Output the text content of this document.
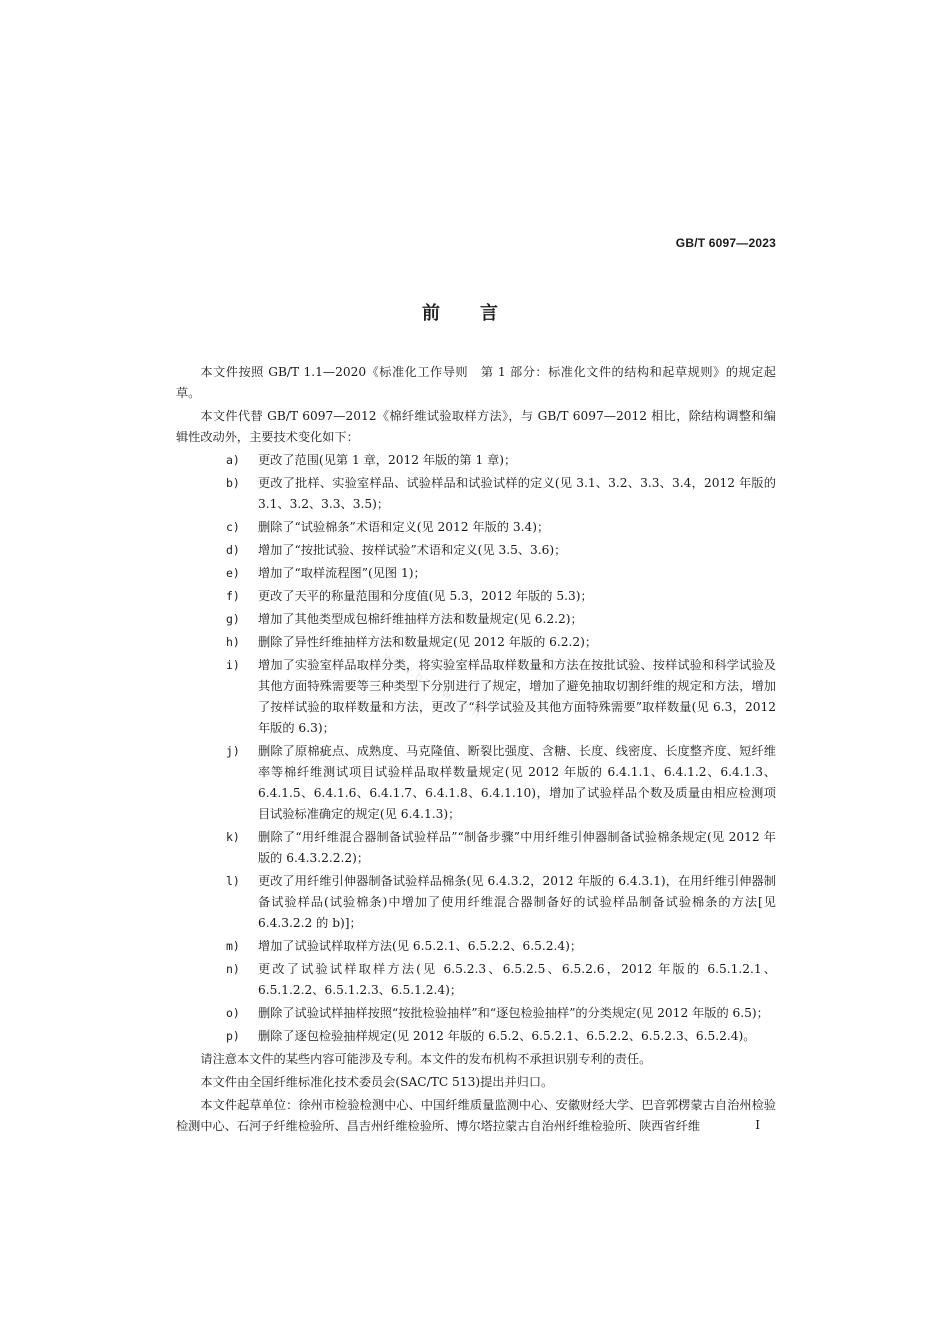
GB/T 6097—2023
前言
www.bzfxw.com

本文件按照 GB/T 1.1—2020《标准化工作导则　第 1 部分：标准化文件的结构和起草规则》的规定起草。

本文件代替 GB/T 6097—2012《棉纤维试验取样方法》，与 GB/T 6097—2012 相比，除结构调整和编辑性改动外，主要技术变化如下：

a)	更改了范围(见第 1 章，2012 年版的第 1 章)；
b)	更改了批样、实验室样品、试验样品和试验试样的定义(见 3.1、3.2、3.3、3.4，2012 年版的 3.1、3.2、3.3、3.5)；
c)	删除了“试验棉条”术语和定义(见 2012 年版的 3.4)；
d)	增加了“按批试验、按样试验”术语和定义(见 3.5、3.6)；
e)	增加了“取样流程图”(见图 1)；
f)	更改了天平的称量范围和分度值(见 5.3，2012 年版的 5.3)；
g)	增加了其他类型成包棉纤维抽样方法和数量规定(见 6.2.2)；
h)	删除了异性纤维抽样方法和数量规定(见 2012 年版的 6.2.2)；
i)	增加了实验室样品取样分类，将实验室样品取样数量和方法在按批试验、按样试验和科学试验及其他方面特殊需要等三种类型下分别进行了规定，增加了避免抽取切割纤维的规定和方法，增加了按样试验的取样数量和方法，更改了“科学试验及其他方面特殊需要”取样数量(见 6.3，2012 年版的 6.3)；
j)	删除了原棉疵点、成熟度、马克隆值、断裂比强度、含糖、长度、线密度、长度整齐度、短纤维率等棉纤维测试项目试验样品取样数量规定(见 2012 年版的 6.4.1.1、6.4.1.2、6.4.1.3、6.4.1.5、6.4.1.6、6.4.1.7、6.4.1.8、6.4.1.10)，增加了试验样品个数及质量由相应检测项目试验标准确定的规定(见 6.4.1.3)；
k)	删除了“用纤维混合器制备试验样品”“制备步骤”中用纤维引伸器制备试验棉条规定(见 2012 年版的 6.4.3.2.2.2)；
l)	更改了用纤维引伸器制备试验样品棉条(见 6.4.3.2，2012 年版的 6.4.3.1)，在用纤维引伸器制备试验样品(试验棉条)中增加了使用纤维混合器制备好的试验样品制备试验棉条的方法[见 6.4.3.2.2 的 b)]；
m)	增加了试验试样取样方法(见 6.5.2.1、6.5.2.2、6.5.2.4)；
n)	更改了试验试样取样方法(见 6.5.2.3、6.5.2.5、6.5.2.6，2012 年版的 6.5.1.2.1、6.5.1.2.2、6.5.1.2.3、6.5.1.2.4)；
o)	删除了试验试样抽样按照“按批检验抽样”和“逐包检验抽样”的分类规定(见 2012 年版的 6.5)；
p)	删除了逐包检验抽样规定(见 2012 年版的 6.5.2、6.5.2.1、6.5.2.2、6.5.2.3、6.5.2.4)。

请注意本文件的某些内容可能涉及专利。本文件的发布机构不承担识别专利的责任。

本文件由全国纤维标准化技术委员会(SAC/TC 513)提出并归口。

本文件起草单位：徐州市检验检测中心、中国纤维质量监测中心、安徽财经大学、巴音郭楞蒙古自治州检验检测中心、石河子纤维检验所、昌吉州纤维检验所、博尔塔拉蒙古自治州纤维检验所、陕西省纤维	I
